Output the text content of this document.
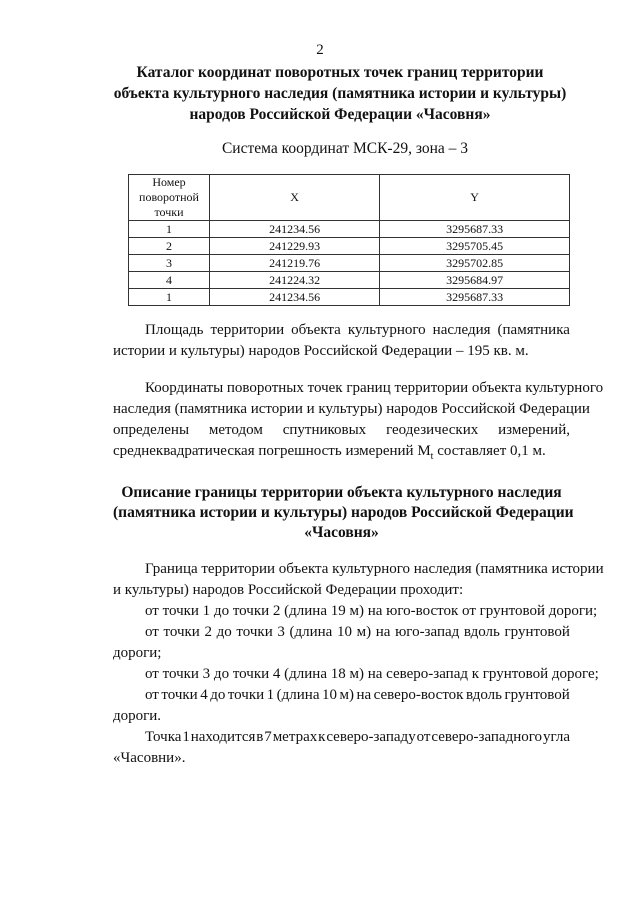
2
Каталог координат поворотных точек границ территории
объекта культурного наследия (памятника истории и культуры)
народов Российской Федерации «Часовня»
Система координат МСК-29, зона – 3
Номер поворотной
точки	X	Y
1	241234.56	3295687.33
2	241229.93	3295705.45
3	241219.76	3295702.85
4	241224.32	3295684.97
1	241234.56	3295687.33
Площадь территории объекта культурного наследия (памятника
истории и культуры) народов Российской Федерации – 195 кв. м.
Координаты поворотных точек границ территории объекта культурного
наследия (памятника истории и культуры) народов Российской Федерации
определены методом спутниковых геодезических измерений,
среднеквадратическая погрешность измерений $M_t$ составляет 0,1 м.
Описание границы территории объекта культурного наследия
(памятника истории и культуры) народов Российской Федерации
«Часовня»
Граница территории объекта культурного наследия (памятника истории
и культуры) народов Российской Федерации проходит:
от точки 1 до точки 2 (длина 19 м) на юго-восток от грунтовой дороги;
от точки 2 до точки 3 (длина 10 м) на юго-запад вдоль грунтовой
дороги;
от точки 3 до точки 4 (длина 18 м) на северо-запад к грунтовой дороге;
от точки 4 до точки 1 (длина 10 м) на северо-восток вдоль грунтовой
дороги.
Точка 1 находится в 7 метрах к северо-западу от северо-западного угла
«Часовни».
